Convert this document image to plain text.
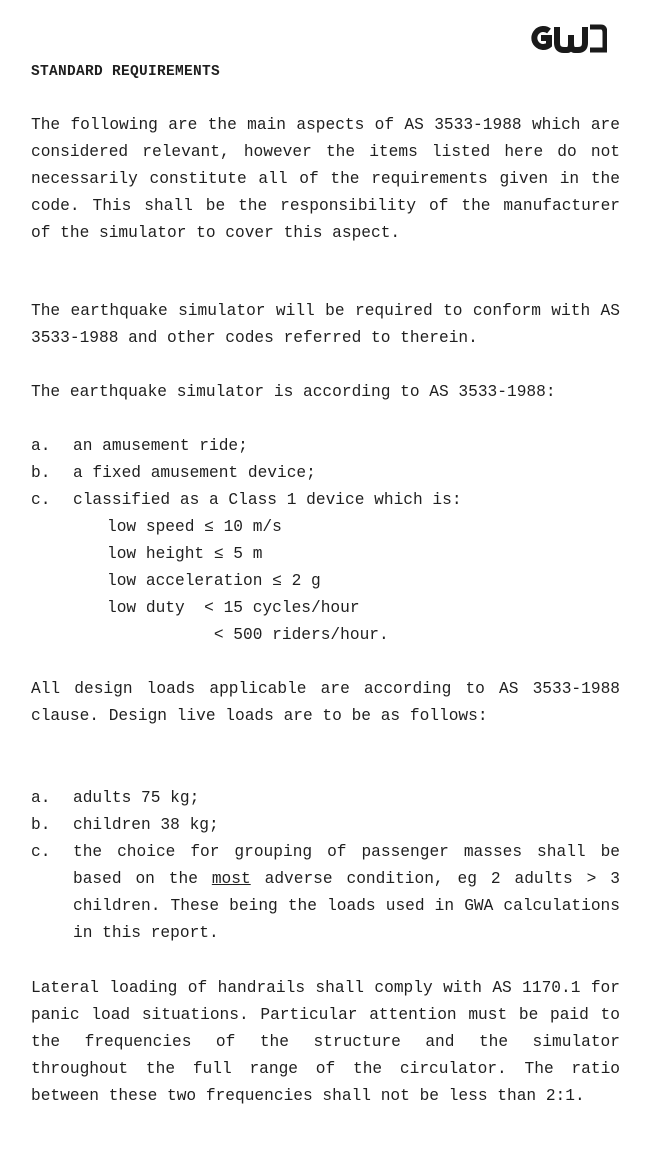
STANDARD REQUIREMENTS

The following are the main aspects of AS 3533-1988 which are considered relevant, however the items listed here do not necessarily constitute all of the requirements given in the code. This shall be the responsibility of the manufacturer of the simulator to cover this aspect.

The earthquake simulator will be required to conform with AS 3533-1988 and other codes referred to therein.

The earthquake simulator is according to AS 3533-1988:

a. an amusement ride;
b. a fixed amusement device;
c. classified as a Class 1 device which is:
low speed ≤ 10 m/s
low height ≤ 5 m
low acceleration ≤ 2 g
low duty  < 15 cycles/hour
< 500 riders/hour.

All design loads applicable are according to AS 3533-1988 clause. Design live loads are to be as follows:

a. adults 75 kg;
b. children 38 kg;
c. the choice for grouping of passenger masses shall be based on the most adverse condition, eg 2 adults > 3 children. These being the loads used in GWA calculations in this report.

Lateral loading of handrails shall comply with AS 1170.1 for panic load situations. Particular attention must be paid to the frequencies of the structure and the simulator throughout the full range of the circulator. The ratio between these two frequencies shall not be less than 2:1.
